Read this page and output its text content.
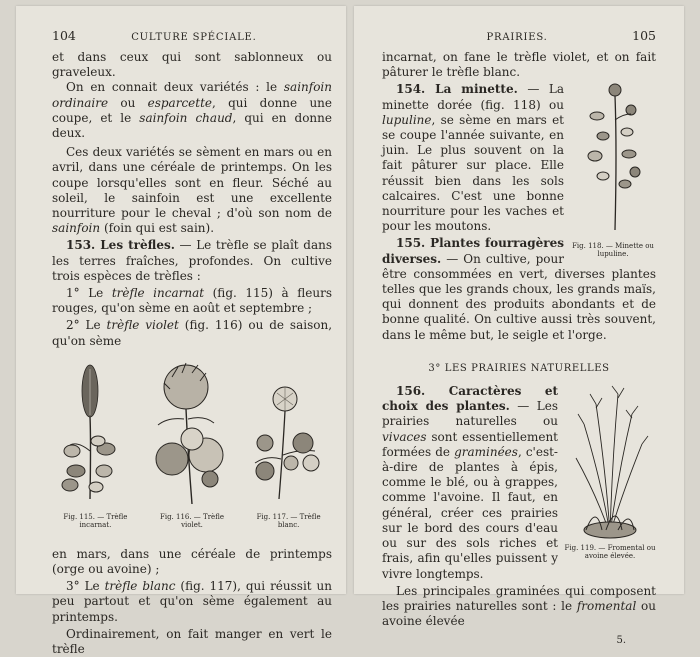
104	CULTURE SPÉCIALE.

et dans ceux qui sont sablonneux ou graveleux.

On en connait deux variétés : le sainfoin ordinaire ou esparcette, qui donne une coupe, et le sainfoin chaud, qui en donne deux.

Ces deux variétés se sèment en mars ou en avril, dans une céréale de printemps. On les coupe lorsqu'elles sont en fleur. Séché au soleil, le sainfoin est une excellente nourriture pour le cheval ; d'où son nom de sainfoin (foin qui est sain).

153. Les trèfles. — Le trèfle se plaît dans les terres fraîches, profondes. On cultive trois espèces de trèfles :

1° Le trèfle incarnat (fig. 115) à fleurs rouges, qu'on sème en août et septembre ;

2° Le trèfle violet (fig. 116) ou de saison, qu'on sème

Fig. 115. — Trèfle incarnat.
Fig. 116. — Trèfle violet.
Fig. 117. — Trèfle blanc.

en mars, dans une céréale de printemps (orge ou avoine) ;

3° Le trèfle blanc (fig. 117), qui réussit un peu partout et qu'on sème également au printemps.

Ordinairement, on fait manger en vert le trèfle

PRAIRIES.	105

incarnat, on fane le trèfle violet, et on fait pâturer le trèfle blanc.

Fig. 118. — Minette ou lupuline.

154. La minette. — La minette dorée (fig. 118) ou lupuline, se sème en mars et se coupe l'année suivante, en juin. Le plus souvent on la fait pâturer sur place. Elle réussit bien dans les sols calcaires. C'est une bonne nourriture pour les vaches et pour les moutons.

155. Plantes fourragères diverses. — On cultive, pour être consommées en vert, diverses plantes telles que les grands choux, les grands maïs, qui donnent des produits abondants et de bonne qualité. On cultive aussi très souvent, dans le même but, le seigle et l'orge.

3° LES PRAIRIES NATURELLES
Fig. 119. — Fromental ou avoine élevée.

156. Caractères et choix des plantes. — Les prairies naturelles ou vivaces sont essentiellement formées de graminées, c'est-à-dire de plantes à épis, comme le blé, ou à grappes, comme l'avoine. Il faut, en général, créer ces prairies sur le bord des cours d'eau ou sur des sols riches et frais, afin qu'elles puissent y vivre longtemps.

Les principales graminées qui composent les prairies naturelles sont : le fromental ou avoine élevée

5.
